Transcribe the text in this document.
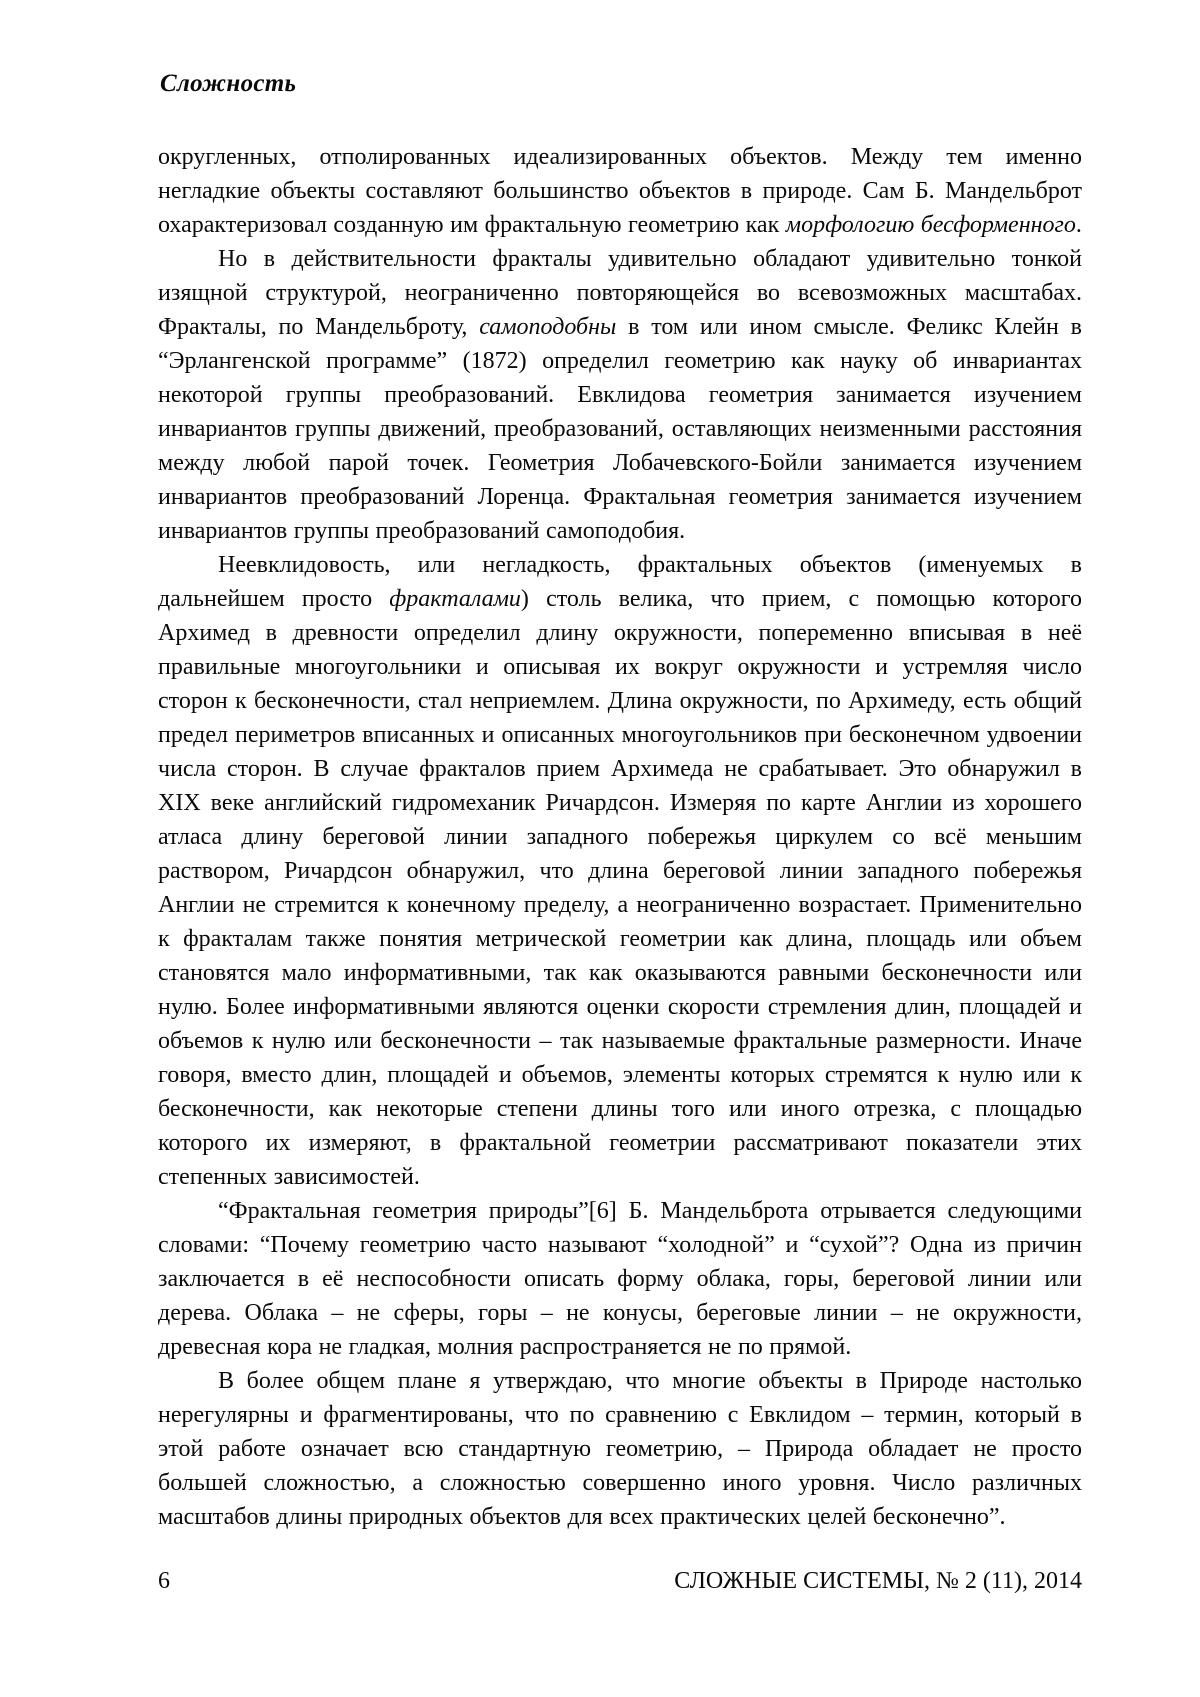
Сложность

округленных, отполированных идеализированных объектов. Между тем именно негладкие объекты составляют большинство объектов в природе. Сам Б. Мандельброт охарактеризовал созданную им фрактальную геометрию как морфологию бесформенного.

Но в действительности фракталы удивительно обладают удивительно тонкой изящной структурой, неограниченно повторяющейся во всевозможных масштабах. Фракталы, по Мандельброту, самоподобны в том или ином смысле. Феликс Клейн в “Эрлангенской программе” (1872) определил геометрию как науку об инвариантах некоторой группы преобразований. Евклидова геометрия занимается изучением инвариантов группы движений, преобразований, оставляющих неизменными расстояния между любой парой точек. Геометрия Лобачевского-Бойли занимается изучением инвариантов преобразований Лоренца. Фрактальная геометрия занимается изучением инвариантов группы преобразований самоподобия.

Неевклидовость, или негладкость, фрактальных объектов (именуемых в дальнейшем просто фракталами) столь велика, что прием, с помощью которого Архимед в древности определил длину окружности, попеременно вписывая в неё правильные многоугольники и описывая их вокруг окружности и устремляя число сторон к бесконечности, стал неприемлем. Длина окружности, по Архимеду, есть общий предел периметров вписанных и описанных многоугольников при бесконечном удвоении числа сторон. В случае фракталов прием Архимеда не срабатывает. Это обнаружил в XIX веке английский гидромеханик Ричардсон. Измеряя по карте Англии из хорошего атласа длину береговой линии западного побережья циркулем со всё меньшим раствором, Ричардсон обнаружил, что длина береговой линии западного побережья Англии не стремится к конечному пределу, а неограниченно возрастает. Применительно к фракталам также понятия метрической геометрии как длина, площадь или объем становятся мало информативными, так как оказываются равными бесконечности или нулю. Более информативными являются оценки скорости стремления длин, площадей и объемов к нулю или бесконечности – так называемые фрактальные размерности. Иначе говоря, вместо длин, площадей и объемов, элементы которых стремятся к нулю или к бесконечности, как некоторые степени длины того или иного отрезка, с площадью которого их измеряют, в фрактальной геометрии рассматривают показатели этих степенных зависимостей.

“Фрактальная геометрия природы”[6] Б. Мандельброта отрывается следующими словами: “Почему геометрию часто называют “холодной” и “сухой”? Одна из причин заключается в её неспособности описать форму облака, горы, береговой линии или дерева. Облака – не сферы, горы – не конусы, береговые линии – не окружности, древесная кора не гладкая, молния распространяется не по прямой.

В более общем плане я утверждаю, что многие объекты в Природе настолько нерегулярны и фрагментированы, что по сравнению с Евклидом – термин, который в этой работе означает всю стандартную геометрию, – Природа обладает не просто большей сложностью, а сложностью совершенно иного уровня. Число различных масштабов длины природных объектов для всех практических целей бесконечно”.

6	СЛОЖНЫЕ СИСТЕМЫ, № 2 (11), 2014
